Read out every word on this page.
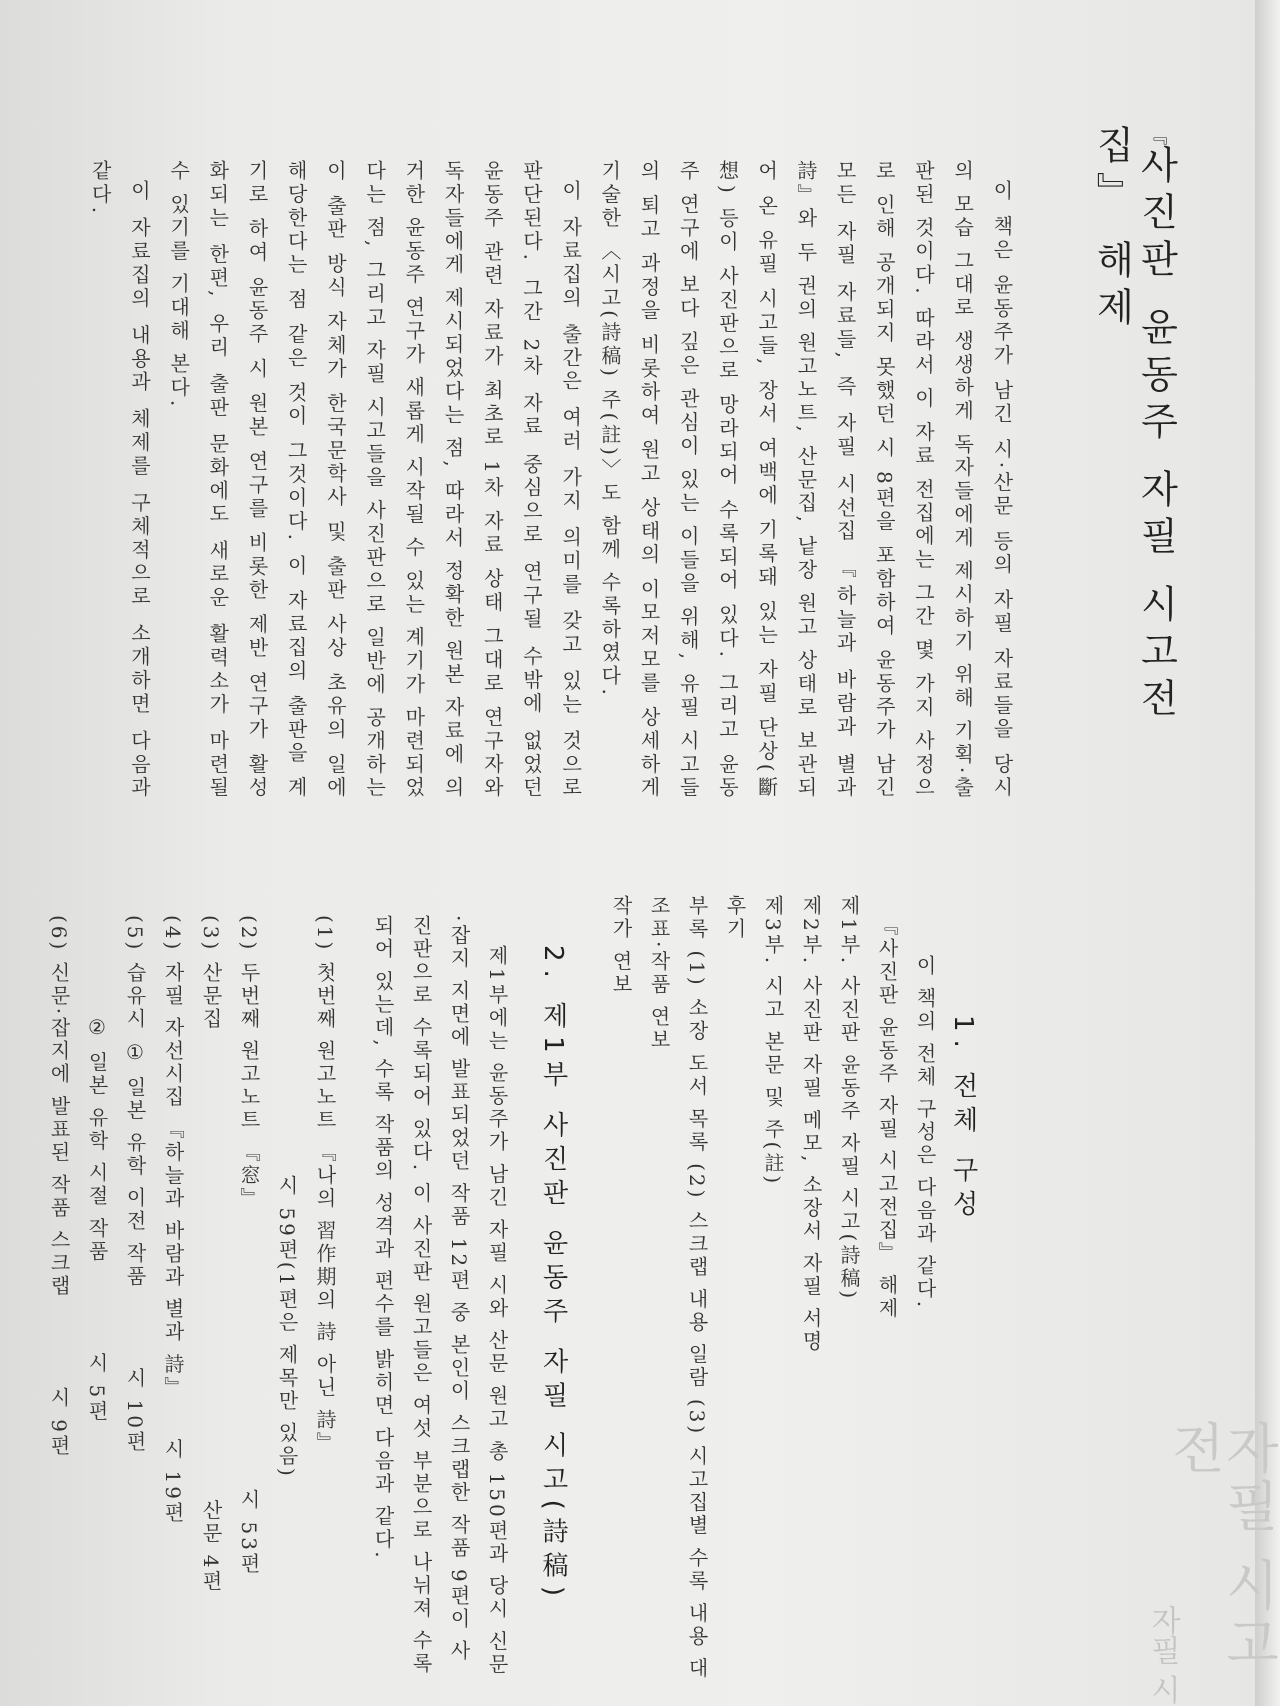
자필 시고전
자필 시
『사진판 윤동주 자필 시고전집』 해제

이 책은 윤동주가 남긴 시·산문 등의 자필 자료들을 당시의 모습 그대로 생생하게 독자들에게 제시하기 위해 기획·출판된 것이다. 따라서 이 자료 전집에는 그간 몇 가지 사정으로 인해 공개되지 못했던 시 8편을 포함하여 윤동주가 남긴 모든 자필 자료들, 즉 자필 시선집 『하늘과 바람과 별과 詩』와 두 권의 원고노트, 산문집, 낱장 원고 상태로 보관되어 온 유필 시고들, 장서 여백에 기록돼 있는 자필 단상(斷想) 등이 사진판으로 망라되어 수록되어 있다. 그리고 윤동주 연구에 보다 깊은 관심이 있는 이들을 위해, 유필 시고들의 퇴고 과정을 비롯하여 원고 상태의 이모저모를 상세하게 기술한 〈시고(詩稿) 주(註)〉도 함께 수록하였다.

이 자료집의 출간은 여러 가지 의미를 갖고 있는 것으로 판단된다. 그간 2차 자료 중심으로 연구될 수밖에 없었던 윤동주 관련 자료가 최초로 1차 자료 상태 그대로 연구자와 독자들에게 제시되었다는 점, 따라서 정확한 원본 자료에 의거한 윤동주 연구가 새롭게 시작될 수 있는 계기가 마련되었다는 점, 그리고 자필 시고들을 사진판으로 일반에 공개하는 이 출판 방식 자체가 한국문학사 및 출판 사상 초유의 일에 해당한다는 점 같은 것이 그것이다. 이 자료집의 출판을 계기로 하여 윤동주 시 원본 연구를 비롯한 제반 연구가 활성화되는 한편, 우리 출판 문화에도 새로운 활력소가 마련될 수 있기를 기대해 본다.

이 자료집의 내용과 체제를 구체적으로 소개하면 다음과 같다.

1. 전체 구성

이 책의 전체 구성은 다음과 같다.

『사진판 윤동주 자필 시고전집』 해제

제1부. 사진판 윤동주 자필 시고(詩稿)

제2부. 사진판 자필 메모, 소장서 자필 서명

제3부. 시고 본문 및 주(註)

후기

부록 (1) 소장 도서 목록 (2) 스크랩 내용 일람 (3) 시고집별 수록 내용 대조표·작품 연보

작가 연보

2. 제1부 사진판 윤동주 자필 시고(詩稿)

제1부에는 윤동주가 남긴 자필 시와 산문 원고 총 150편과 당시 신문·잡지 지면에 발표되었던 작품 12편 중 본인이 스크랩한 작품 9편이 사진판으로 수록되어 있다. 이 사진판 원고들은 여섯 부분으로 나뉘져 수록되어 있는데, 수록 작품의 성격과 편수를 밝히면 다음과 같다.

(1) 첫번째 원고노트 『나의 習作期의 詩 아닌 詩』

시 59편(1편은 제목만 있음)

(2) 두번째 원고노트 『窓』  시 53편

(3) 산문집  산문 4편

(4) 자필 자선시집 『하늘과 바람과 별과 詩』  시 19편

(5) 습유시 ① 일본 유학 이전 작품  시 10편

② 일본 유학 시절 작품  시 5편

(6) 신문·잡지에 발표된 작품 스크랩  시 9편
